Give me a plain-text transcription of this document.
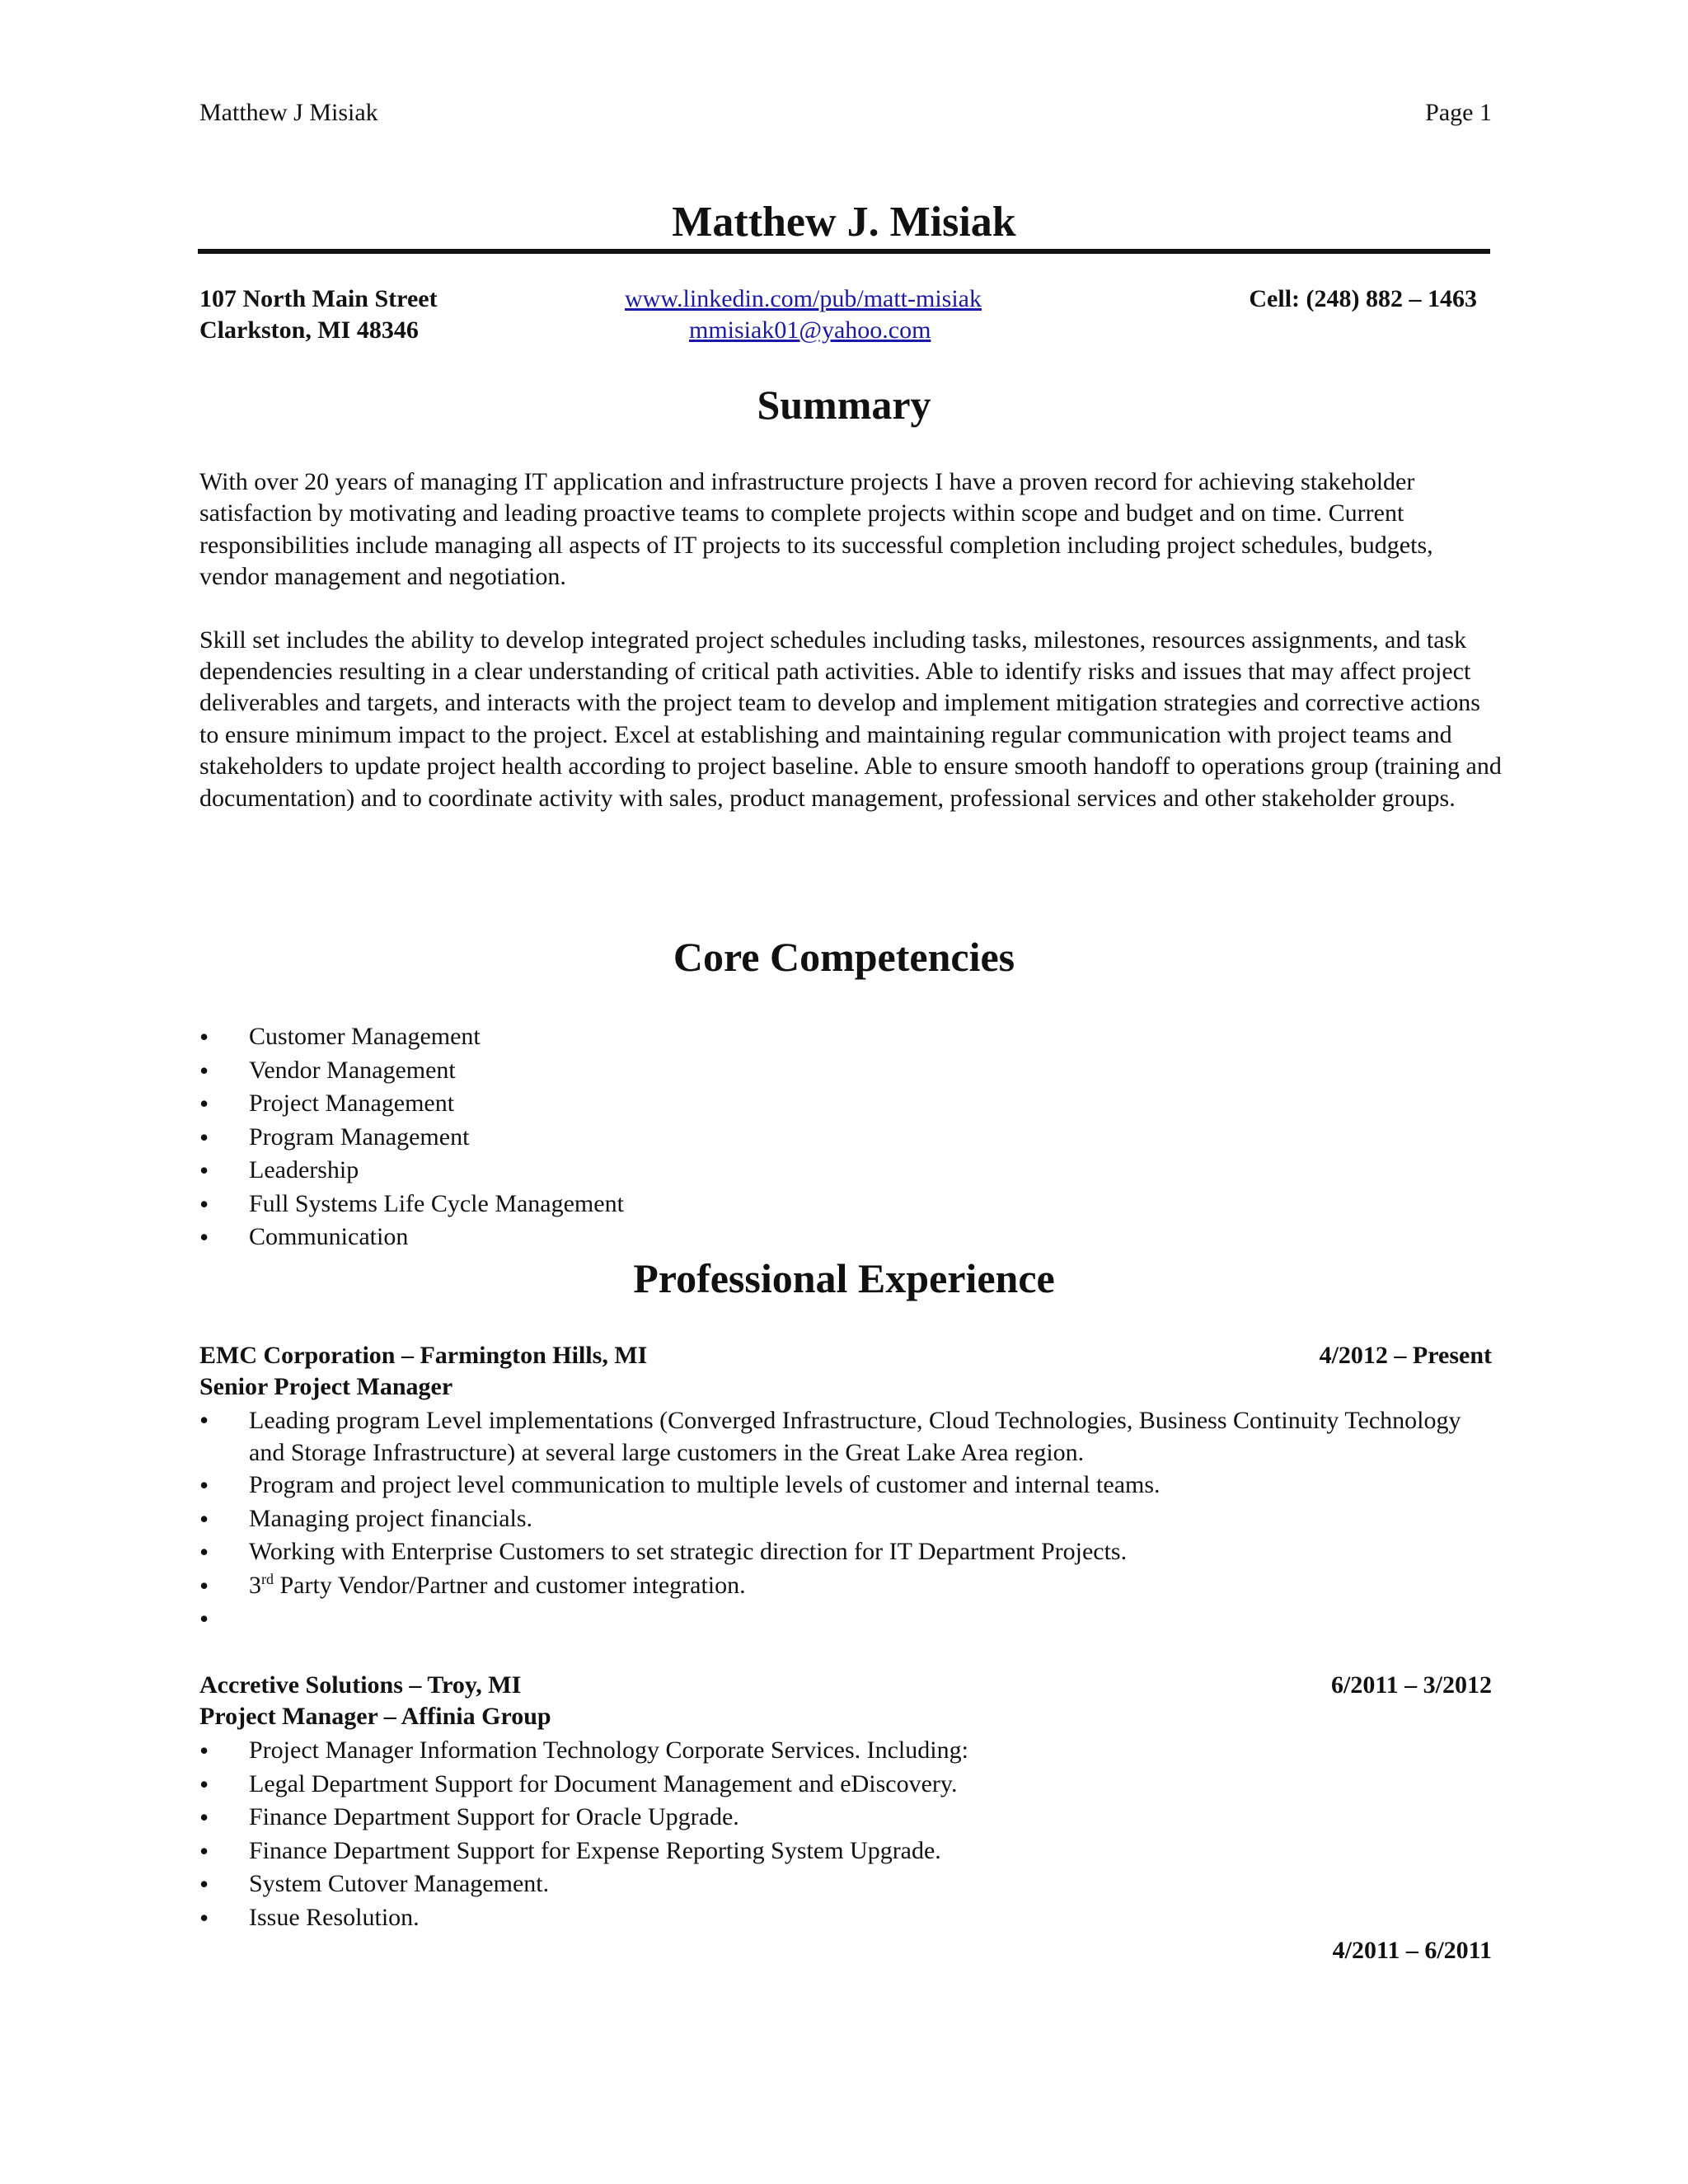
Matthew J Misiak	Page 1
Matthew J. Misiak
107 North Main Street
Clarkston, MI 48346
www.linkedin.com/pub/matt-misiak
mmisiak01@yahoo.com
Cell: (248) 882 – 1463
Summary

With over 20 years of managing IT application and infrastructure projects I have a proven record for achieving stakeholder satisfaction by motivating and leading proactive teams to complete projects within scope and budget and on time. Current responsibilities include managing all aspects of IT projects to its successful completion including project schedules, budgets, vendor management and negotiation.

Skill set includes the ability to develop integrated project schedules including tasks, milestones, resources assignments, and task dependencies resulting in a clear understanding of critical path activities. Able to identify risks and issues that may affect project deliverables and targets, and interacts with the project team to develop and implement mitigation strategies and corrective actions to ensure minimum impact to the project. Excel at establishing and maintaining regular communication with project teams and stakeholders to update project health according to project baseline. Able to ensure smooth handoff to operations group (training and documentation) and to coordinate activity with sales, product management, professional services and other stakeholder groups.

Core Competencies
• Customer Management
• Vendor Management
• Project Management
• Program Management
• Leadership
• Full Systems Life Cycle Management
• Communication
Professional Experience
EMC Corporation – Farmington Hills, MI	4/2012 – Present
Senior Project Manager
• Leading program Level implementations (Converged Infrastructure, Cloud Technologies, Business Continuity Technology and Storage Infrastructure) at several large customers in the Great Lake Area region.
• Program and project level communication to multiple levels of customer and internal teams.
• Managing project financials.
• Working with Enterprise Customers to set strategic direction for IT Department Projects.
• 3rd Party Vendor/Partner and customer integration.
•
Accretive Solutions – Troy, MI	6/2011 – 3/2012
Project Manager – Affinia Group
• Project Manager Information Technology Corporate Services. Including:
• Legal Department Support for Document Management and eDiscovery.
• Finance Department Support for Oracle Upgrade.
• Finance Department Support for Expense Reporting System Upgrade.
• System Cutover Management.
• Issue Resolution.
4/2011 – 6/2011
